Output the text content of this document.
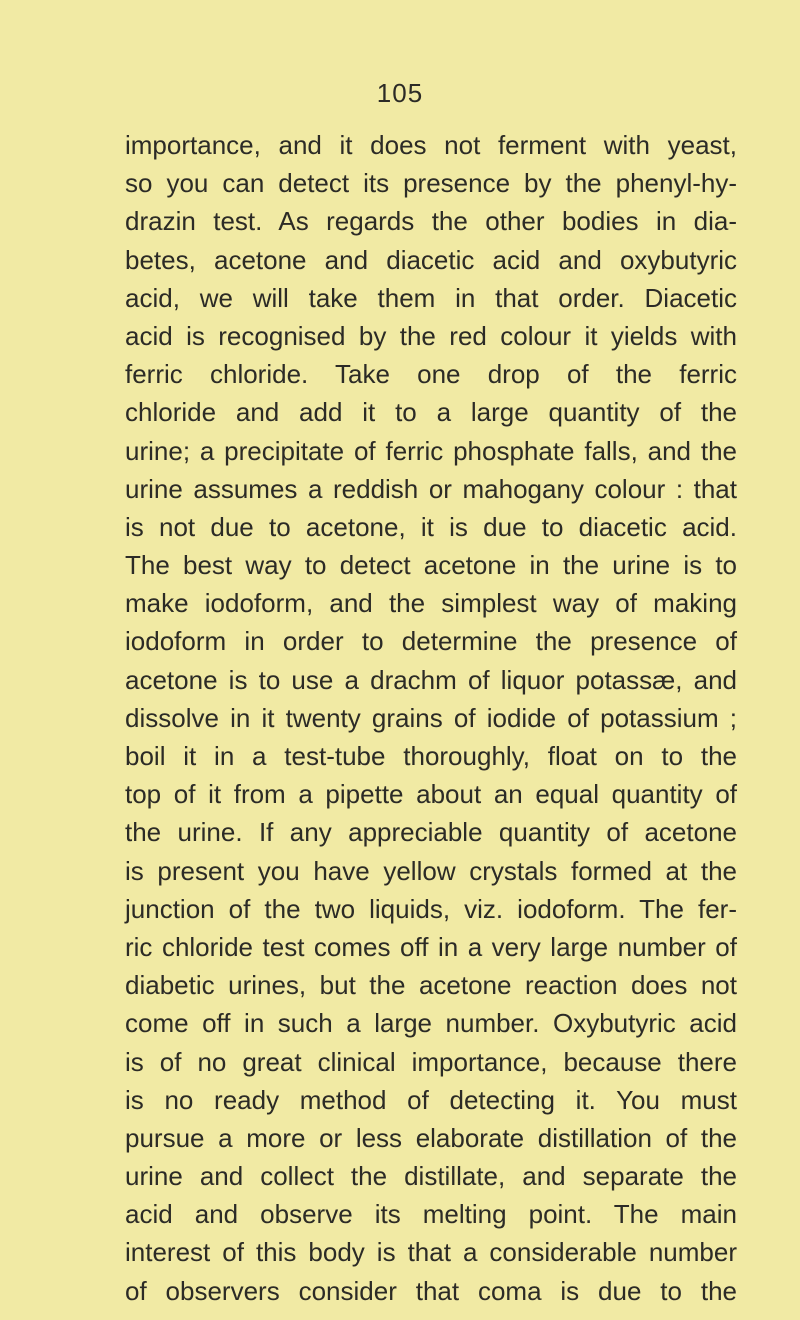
105
importance, and it does not ferment with yeast,
so you can detect its presence by the phenyl-hy-
drazin test. As regards the other bodies in dia-
betes, acetone and diacetic acid and oxybutyric
acid, we will take them in that order. Diacetic
acid is recognised by the red colour it yields with
ferric chloride. Take one drop of the ferric
chloride and add it to a large quantity of the
urine; a precipitate of ferric phosphate falls, and the
urine assumes a reddish or mahogany colour : that
is not due to acetone, it is due to diacetic acid.
The best way to detect acetone in the urine is to
make iodoform, and the simplest way of making
iodoform in order to determine the presence of
acetone is to use a drachm of liquor potassæ, and
dissolve in it twenty grains of iodide of potassium ;
boil it in a test-tube thoroughly, float on to the
top of it from a pipette about an equal quantity of
the urine. If any appreciable quantity of acetone
is present you have yellow crystals formed at the
junction of the two liquids, viz. iodoform. The fer-
ric chloride test comes off in a very large number of
diabetic urines, but the acetone reaction does not
come off in such a large number. Oxybutyric acid
is of no great clinical importance, because there
is no ready method of detecting it. You must
pursue a more or less elaborate distillation of the
urine and collect the distillate, and separate the
acid and observe its melting point. The main
interest of this body is that a considerable number
of observers consider that coma is due to the
